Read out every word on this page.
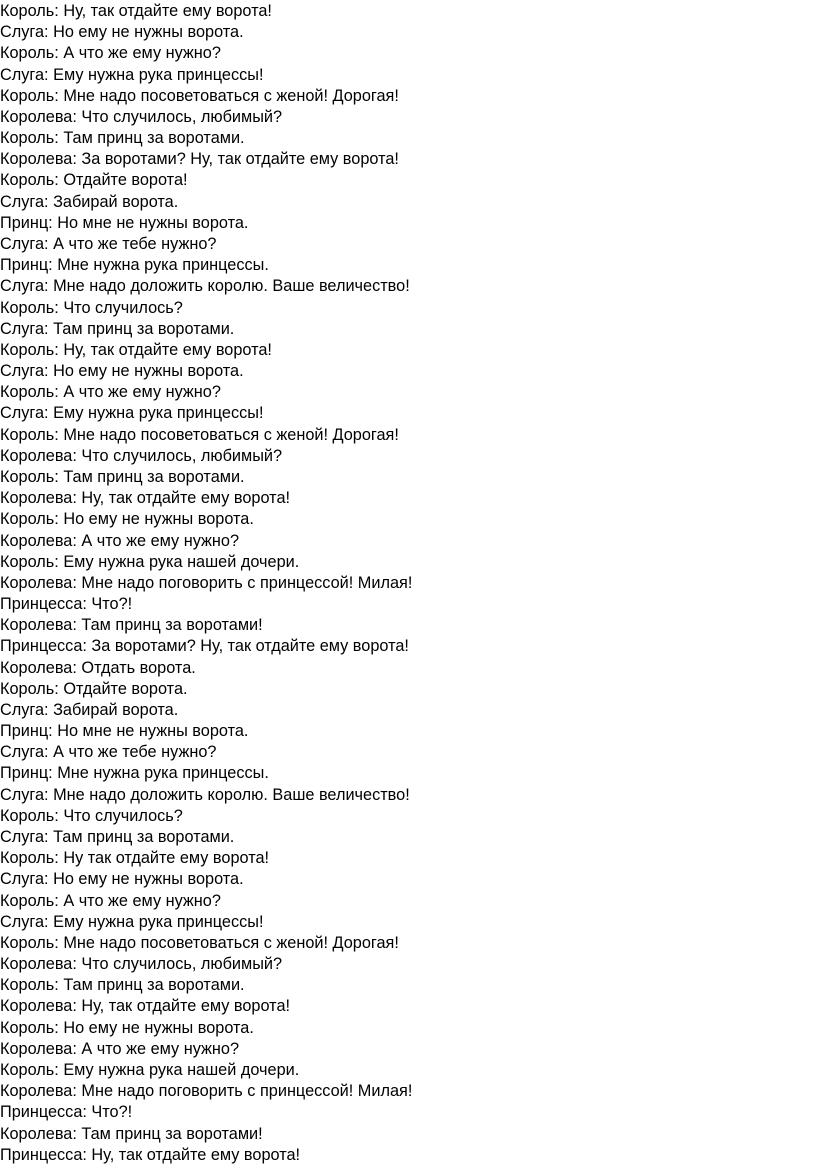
Король: Ну, так отдайте ему ворота!
Слуга: Но ему не нужны ворота.
Король: А что же ему нужно?
Слуга: Ему нужна рука принцессы!
Король: Мне надо посоветоваться с женой! Дорогая!
Королева: Что случилось, любимый?
Король: Там принц за воротами.
Королева: За воротами? Ну, так отдайте ему ворота!
Король: Отдайте ворота!
Слуга: Забирай ворота.
Принц: Но мне не нужны ворота.
Слуга: А что же тебе нужно?
Принц: Мне нужна рука принцессы.
Слуга: Мне надо доложить королю. Ваше величество!
Король: Что случилось?
Слуга: Там принц за воротами.
Король: Ну, так отдайте ему ворота!
Слуга: Но ему не нужны ворота.
Король: А что же ему нужно?
Слуга: Ему нужна рука принцессы!
Король: Мне надо посоветоваться с женой! Дорогая!
Королева: Что случилось, любимый?
Король: Там принц за воротами.
Королева: Ну, так отдайте ему ворота!
Король: Но ему не нужны ворота.
Королева: А что же ему нужно?
Король: Ему нужна рука нашей дочери.
Королева: Мне надо поговорить с принцессой! Милая!
Принцесса: Что?!
Королева: Там принц за воротами!
Принцесса: За воротами? Ну, так отдайте ему ворота!
Королева: Отдать ворота.
Король: Отдайте ворота.
Слуга: Забирай ворота.
Принц: Но мне не нужны ворота.
Слуга: А что же тебе нужно?
Принц: Мне нужна рука принцессы.
Слуга: Мне надо доложить королю. Ваше величество!
Король: Что случилось?
Слуга: Там принц за воротами.
Король: Ну так отдайте ему ворота!
Слуга: Но ему не нужны ворота.
Король: А что же ему нужно?
Слуга: Ему нужна рука принцессы!
Король: Мне надо посоветоваться с женой! Дорогая!
Королева: Что случилось, любимый?
Король: Там принц за воротами.
Королева: Ну, так отдайте ему ворота!
Король: Но ему не нужны ворота.
Королева: А что же ему нужно?
Король: Ему нужна рука нашей дочери.
Королева: Мне надо поговорить с принцессой! Милая!
Принцесса: Что?!
Королева: Там принц за воротами!
Принцесса: Ну, так отдайте ему ворота!
